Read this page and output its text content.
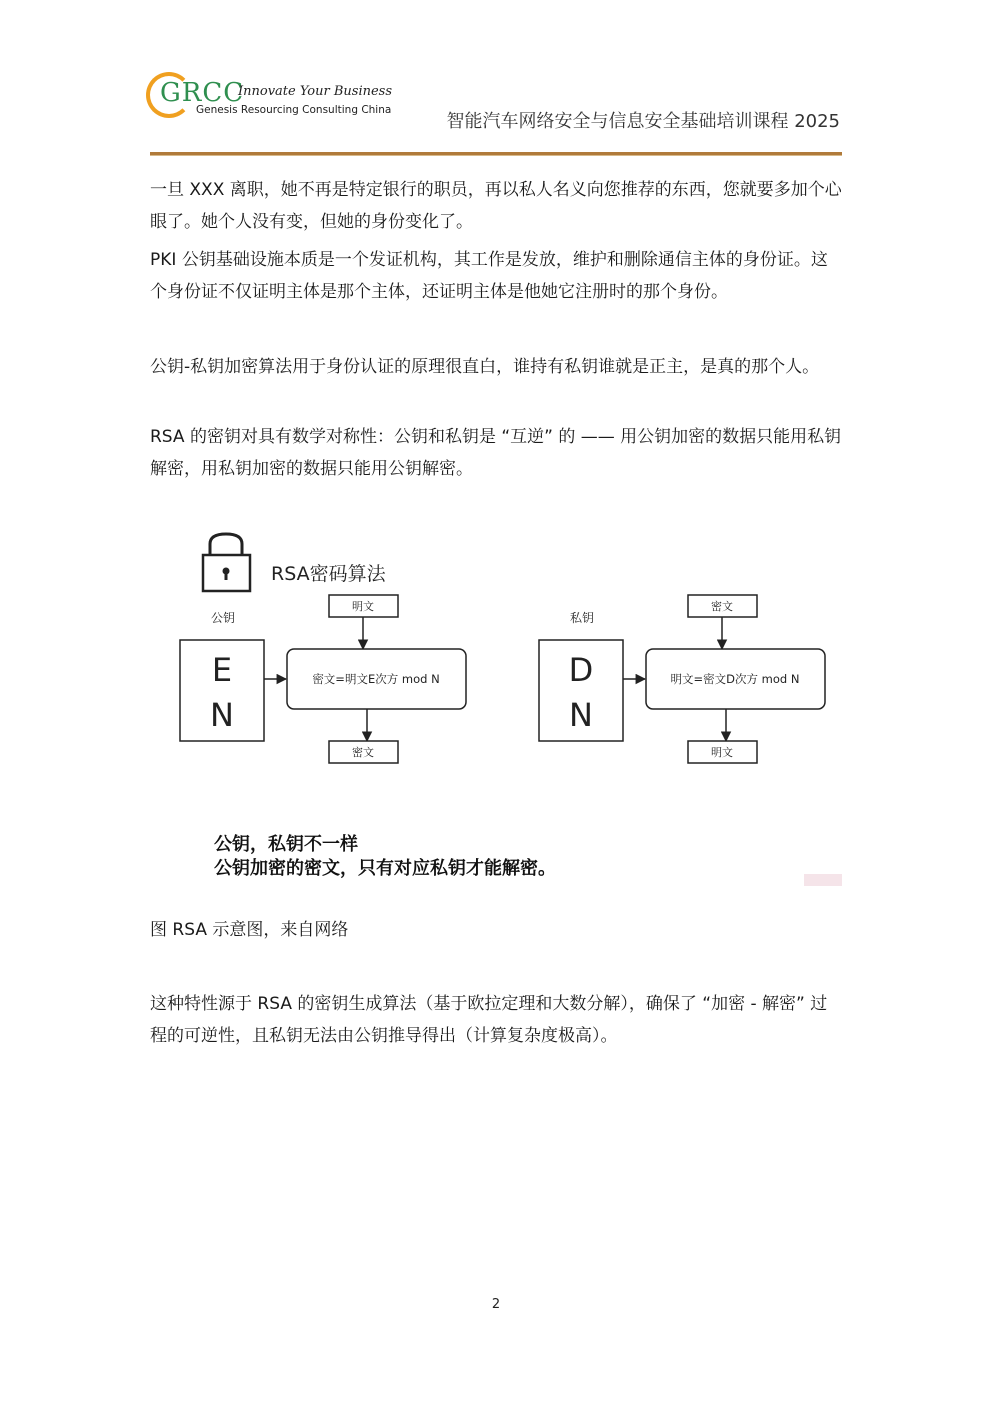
GRCC
Innovate Your Business
Genesis Resourcing Consulting China
智能汽车网络安全与信息安全基础培训课程 2025

一旦 XXX 离职，她不再是特定银行的职员，再以私人名义向您推荐的东西，您就要多加个心眼了。她个人没有变，但她的身份变化了。

PKI 公钥基础设施本质是一个发证机构，其工作是发放，维护和删除通信主体的身份证。这个身份证不仅证明主体是那个主体，还证明主体是他她它注册时的那个身份。

公钥-私钥加密算法用于身份认证的原理很直白，谁持有私钥谁就是正主，是真的那个人。

RSA 的密钥对具有数学对称性：公钥和私钥是 “互逆” 的 —— 用公钥加密的数据只能用私钥解密，用私钥加密的数据只能用公钥解密。

RSA密码算法
公钥
E
N
明文
密文=明文E次方 mod N
密文
私钥
D
N
密文
明文=密文D次方 mod N
明文
公钥，私钥不一样
公钥加密的密文，只有对应私钥才能解密。
图 RSA 示意图，来自网络

这种特性源于 RSA 的密钥生成算法（基于欧拉定理和大数分解），确保了 “加密 - 解密” 过程的可逆性，且私钥无法由公钥推导得出（计算复杂度极高）。

2
